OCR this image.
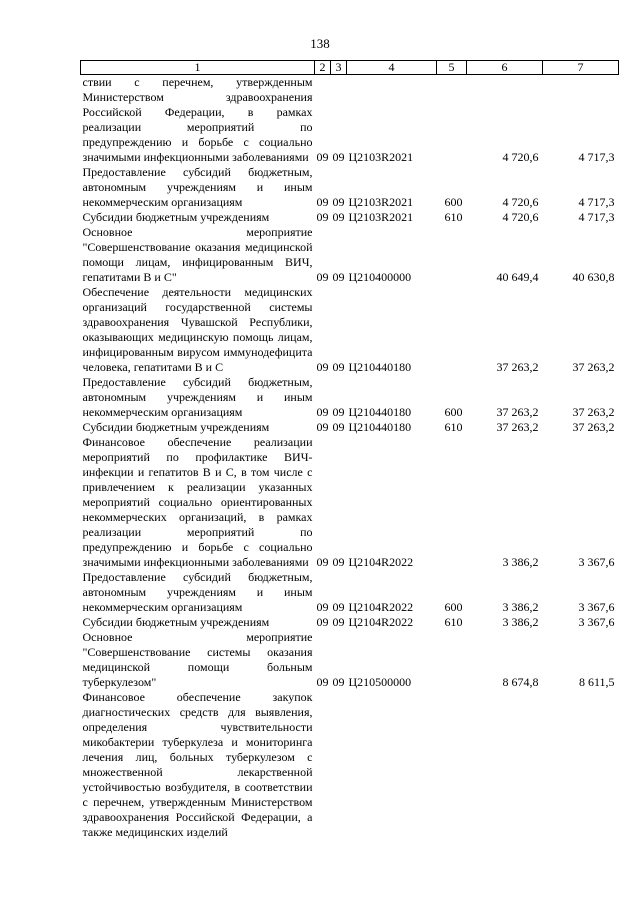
138
1	2	3	4	5	6	7
ствии с перечнем, утвержденным Министерством здравоохранения Российской Федерации, в рамках реализации мероприятий по предупреждению и борьбе с социально значимыми инфекционными заболеваниями	09	09	Ц2103R2021		4 720,6	4 717,3
Предоставление субсидий бюджетным, автономным учреждениям и иным некоммерческим организациям	09	09	Ц2103R2021	600	4 720,6	4 717,3
Субсидии бюджетным учреждениям	09	09	Ц2103R2021	610	4 720,6	4 717,3
Основное мероприятие "Совершенствование оказания медицинской помощи лицам, инфицированным ВИЧ, гепатитами В и С"	09	09	Ц210400000		40 649,4	40 630,8
Обеспечение деятельности медицинских организаций государственной системы здравоохранения Чувашской Республики, оказывающих медицинскую помощь лицам, инфицированным вирусом иммунодефицита человека, гепатитами В и С	09	09	Ц210440180		37 263,2	37 263,2
Предоставление субсидий бюджетным, автономным учреждениям и иным некоммерческим организациям	09	09	Ц210440180	600	37 263,2	37 263,2
Субсидии бюджетным учреждениям	09	09	Ц210440180	610	37 263,2	37 263,2
Финансовое обеспечение реализации мероприятий по профилактике ВИЧ-инфекции и гепатитов В и С, в том числе с привлечением к реализации указанных мероприятий социально ориентированных некоммерческих организаций, в рамках реализации мероприятий по предупреждению и борьбе с социально значимыми инфекционными заболеваниями	09	09	Ц2104R2022		3 386,2	3 367,6
Предоставление субсидий бюджетным, автономным учреждениям и иным некоммерческим организациям	09	09	Ц2104R2022	600	3 386,2	3 367,6
Субсидии бюджетным учреждениям	09	09	Ц2104R2022	610	3 386,2	3 367,6
Основное мероприятие "Совершенствование системы оказания медицинской помощи больным туберкулезом"	09	09	Ц210500000		8 674,8	8 611,5
Финансовое обеспечение закупок диагностических средств для выявления, определения чувствительности микобактерии туберкулеза и мониторинга лечения лиц, больных туберкулезом с множественной лекарственной устойчивостью возбудителя, в соответствии с перечнем, утвержденным Министерством здравоохранения Российской Федерации, а также медицинских изделий						
